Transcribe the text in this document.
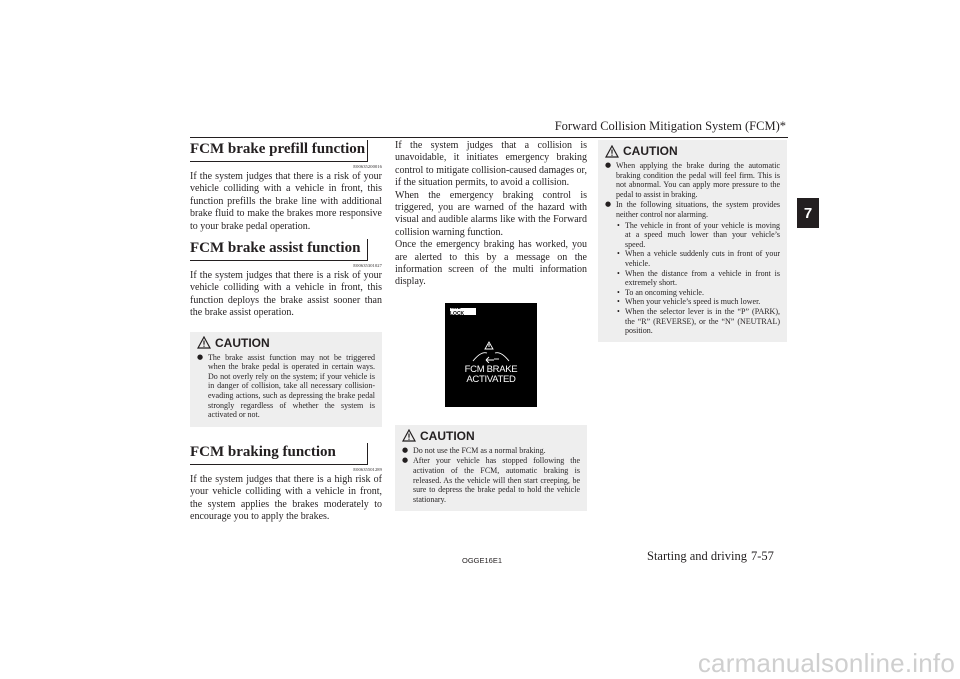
Forward Collision Mitigation System (FCM)*
7
FCM brake prefill function
E00635200016

If the system judges that there is a risk of your vehicle colliding with a vehicle in front, this function prefills the brake line with additional brake fluid to make the brakes more responsive to your brake pedal operation.

FCM brake assist function
E00635301027

If the system judges that there is a risk of your vehicle colliding with a vehicle in front, this function deploys the brake assist sooner than the brake assist operation.

CAUTION
● The brake assist function may not be triggered when the brake pedal is operated in certain ways. Do not overly rely on the system; if your vehicle is in danger of collision, take all necessary collision-evading actions, such as depressing the brake pedal strongly regardless of whether the system is activated or not.
FCM braking function
E00635501289

If the system judges that there is a high risk of your vehicle colliding with a vehicle in front, the system applies the brakes moderately to encourage you to apply the brakes.

If the system judges that a collision is unavoidable, it initiates emergency braking control to mitigate collision-caused damages or, if the situation permits, to avoid a collision.

When the emergency braking control is triggered, you are warned of the hazard with visual and audible alarms like with the Forward collision warning function.

Once the emergency braking has worked, you are alerted to this by a message on the information screen of the multi information display.

4WD LOCK
FCM BRAKE
ACTIVATED
CAUTION
● Do not use the FCM as a normal braking.
● After your vehicle has stopped following the activation of the FCM, automatic braking is released. As the vehicle will then start creeping, be sure to depress the brake pedal to hold the vehicle stationary.
CAUTION
● When applying the brake during the automatic braking condition the pedal will feel firm. This is not abnormal. You can apply more pressure to the pedal to assist in braking.
● In the following situations, the system provides neither control nor alarming.
• The vehicle in front of your vehicle is moving at a speed much lower than your vehicle’s speed.
• When a vehicle suddenly cuts in front of your vehicle.
• When the distance from a vehicle in front is extremely short.
• To an oncoming vehicle.
• When your vehicle’s speed is much lower.
• When the selector lever is in the “P” (PARK), the “R” (REVERSE), or the “N” (NEUTRAL) position.
OGGE16E1	Starting and driving 7-57
carmanualsonline.info
